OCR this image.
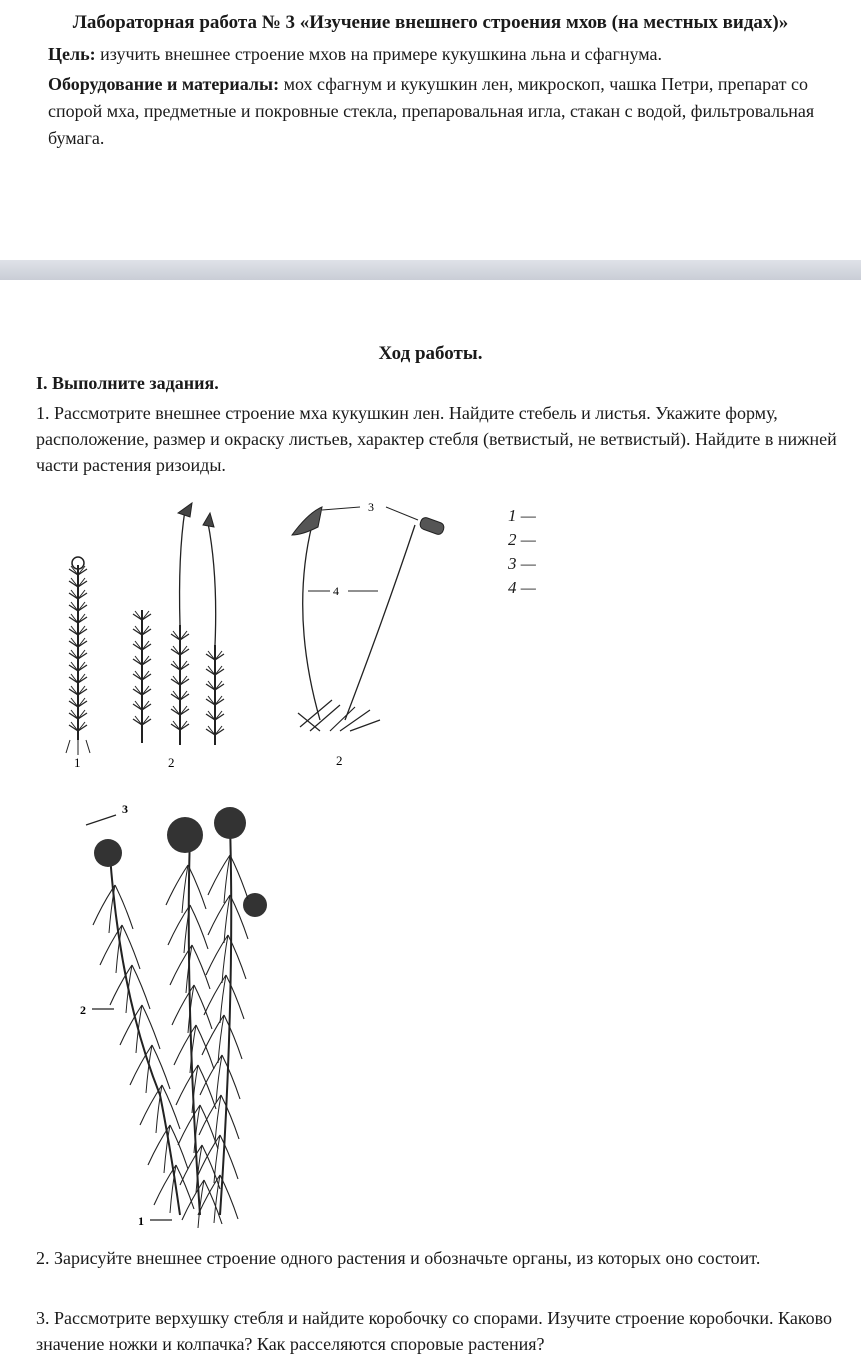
Лабораторная работа № 3 «Изучение внешнего строения мхов (на местных видах)»
Цель: изучить внешнее строение мхов на примере кукушкина льна и сфагнума.
Оборудование и материалы: мох сфагнум и кукушкин лен, микроскоп, чашка Петри, препарат со спорой мха, предметные и покровные стекла, препаровальная игла, стакан с водой, фильтровальная бумага.
Ход работы.
I. Выполните задания.
1. Рассмотрите внешнее строение мха кукушкин лен. Найдите стебель и листья. Укажите форму, расположение, размер и окраску листьев, характер стебля (ветвистый, не ветвистый). Найдите в нижней части растения ризоиды.
1 —
2 —
3 —
4 —
1	2
3
4
2
3
2
1
2. Зарисуйте внешнее строение одного растения и обозначьте органы, из которых оно состоит.
3. Рассмотрите верхушку стебля и найдите коробочку со спорами. Изучите строение коробочки. Каково значение ножки и колпачка? Как расселяются споровые растения?
